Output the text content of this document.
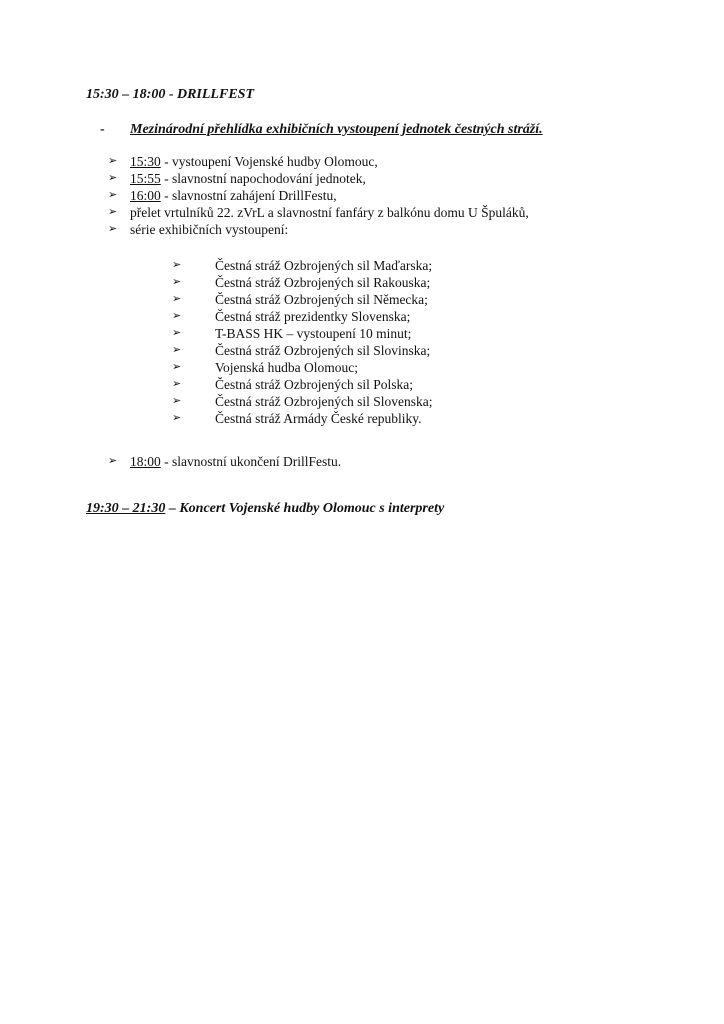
15:30 – 18:00 - DRILLFEST
- Mezinárodní přehlídka exhibičních vystoupení jednotek čestných stráží.
➢ 15:30 - vystoupení Vojenské hudby Olomouc,
➢ 15:55 - slavnostní napochodování jednotek,
➢ 16:00 - slavnostní zahájení DrillFestu,
➢ přelet vrtulníků 22. zVrL a slavnostní fanfáry z balkónu domu U Špuláků,
➢ série exhibičních vystoupení:
➢	Čestná stráž Ozbrojených sil Maďarska;
➢	Čestná stráž Ozbrojených sil Rakouska;
➢	Čestná stráž Ozbrojených sil Německa;
➢	Čestná stráž prezidentky Slovenska;
➢	T-BASS HK – vystoupení 10 minut;
➢	Čestná stráž Ozbrojených sil Slovinska;
➢	Vojenská hudba Olomouc;
➢	Čestná stráž Ozbrojených sil Polska;
➢	Čestná stráž Ozbrojených sil Slovenska;
➢	Čestná stráž Armády České republiky.
➢ 18:00 - slavnostní ukončení DrillFestu.
19:30 – 21:30 – Koncert Vojenské hudby Olomouc s interprety
